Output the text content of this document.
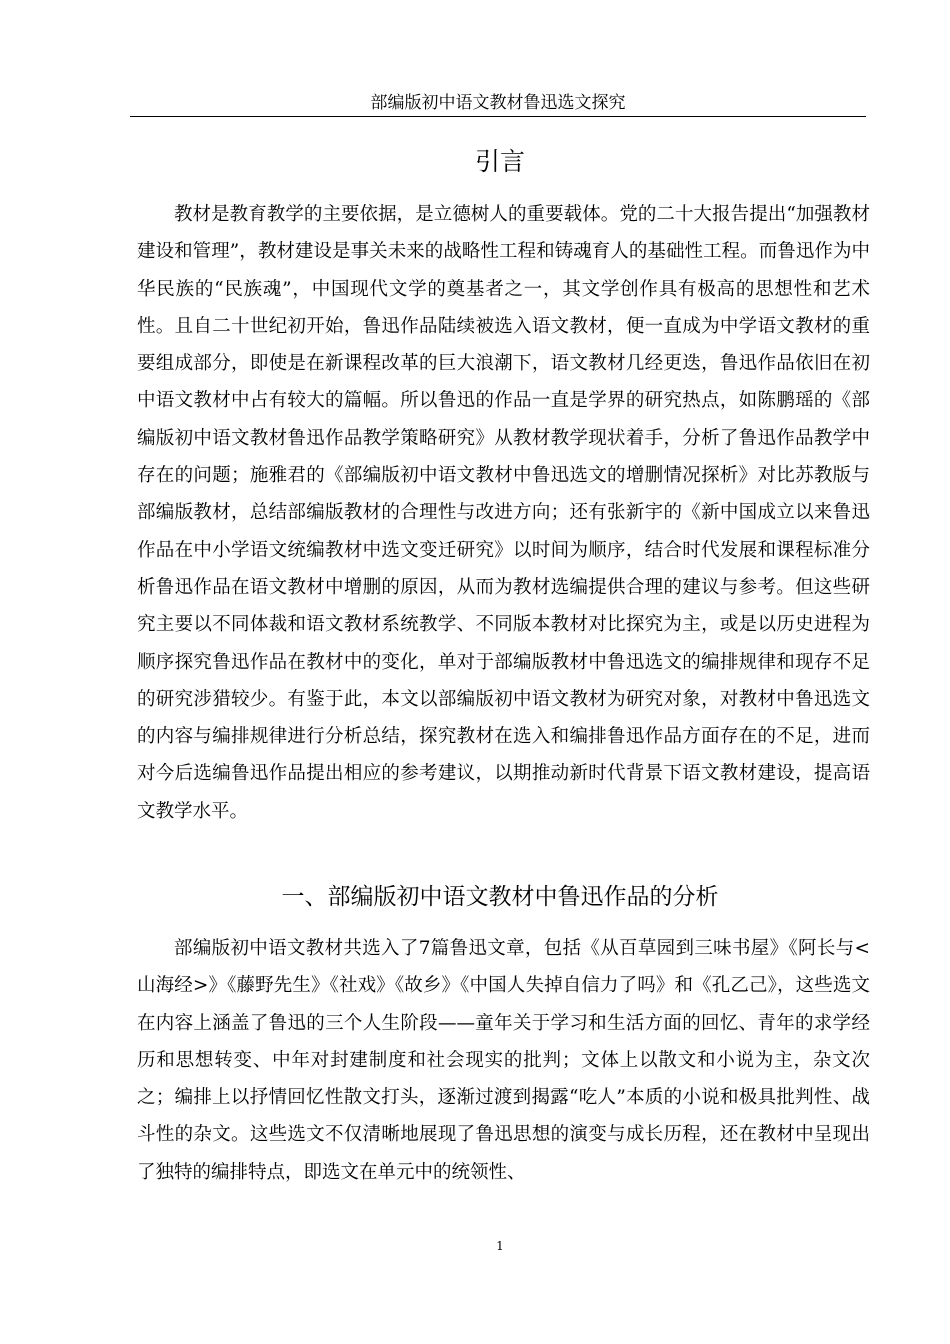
部编版初中语文教材鲁迅选文探究
引言

教材是教育教学的主要依据，是立德树人的重要载体。党的二十大报告提出“加强教材建设和管理”，教材建设是事关未来的战略性工程和铸魂育人的基础性工程。而鲁迅作为中华民族的“民族魂”，中国现代文学的奠基者之一，其文学创作具有极高的思想性和艺术性。且自二十世纪初开始，鲁迅作品陆续被选入语文教材，便一直成为中学语文教材的重要组成部分，即使是在新课程改革的巨大浪潮下，语文教材几经更迭，鲁迅作品依旧在初中语文教材中占有较大的篇幅。所以鲁迅的作品一直是学界的研究热点，如陈鹏瑶的《部编版初中语文教材鲁迅作品教学策略研究》从教材教学现状着手，分析了鲁迅作品教学中存在的问题；施雅君的《部编版初中语文教材中鲁迅选文的增删情况探析》对比苏教版与部编版教材，总结部编版教材的合理性与改进方向；还有张新宇的《新中国成立以来鲁迅作品在中小学语文统编教材中选文变迁研究》以时间为顺序，结合时代发展和课程标准分析鲁迅作品在语文教材中增删的原因，从而为教材选编提供合理的建议与参考。但这些研究主要以不同体裁和语文教材系统教学、不同版本教材对比探究为主，或是以历史进程为顺序探究鲁迅作品在教材中的变化，单对于部编版教材中鲁迅选文的编排规律和现存不足的研究涉猎较少。有鉴于此，本文以部编版初中语文教材为研究对象，对教材中鲁迅选文的内容与编排规律进行分析总结，探究教材在选入和编排鲁迅作品方面存在的不足，进而对今后选编鲁迅作品提出相应的参考建议，以期推动新时代背景下语文教材建设，提高语文教学水平。

一、部编版初中语文教材中鲁迅作品的分析

部编版初中语文教材共选入了7篇鲁迅文章，包括《从百草园到三味书屋》《阿长与<山海经>》《藤野先生》《社戏》《故乡》《中国人失掉自信力了吗》和《孔乙己》，这些选文在内容上涵盖了鲁迅的三个人生阶段——童年关于学习和生活方面的回忆、青年的求学经历和思想转变、中年对封建制度和社会现实的批判；文体上以散文和小说为主，杂文次之；编排上以抒情回忆性散文打头，逐渐过渡到揭露“吃人”本质的小说和极具批判性、战斗性的杂文。这些选文不仅清晰地展现了鲁迅思想的演变与成长历程，还在教材中呈现出了独特的编排特点，即选文在单元中的统领性、

1
